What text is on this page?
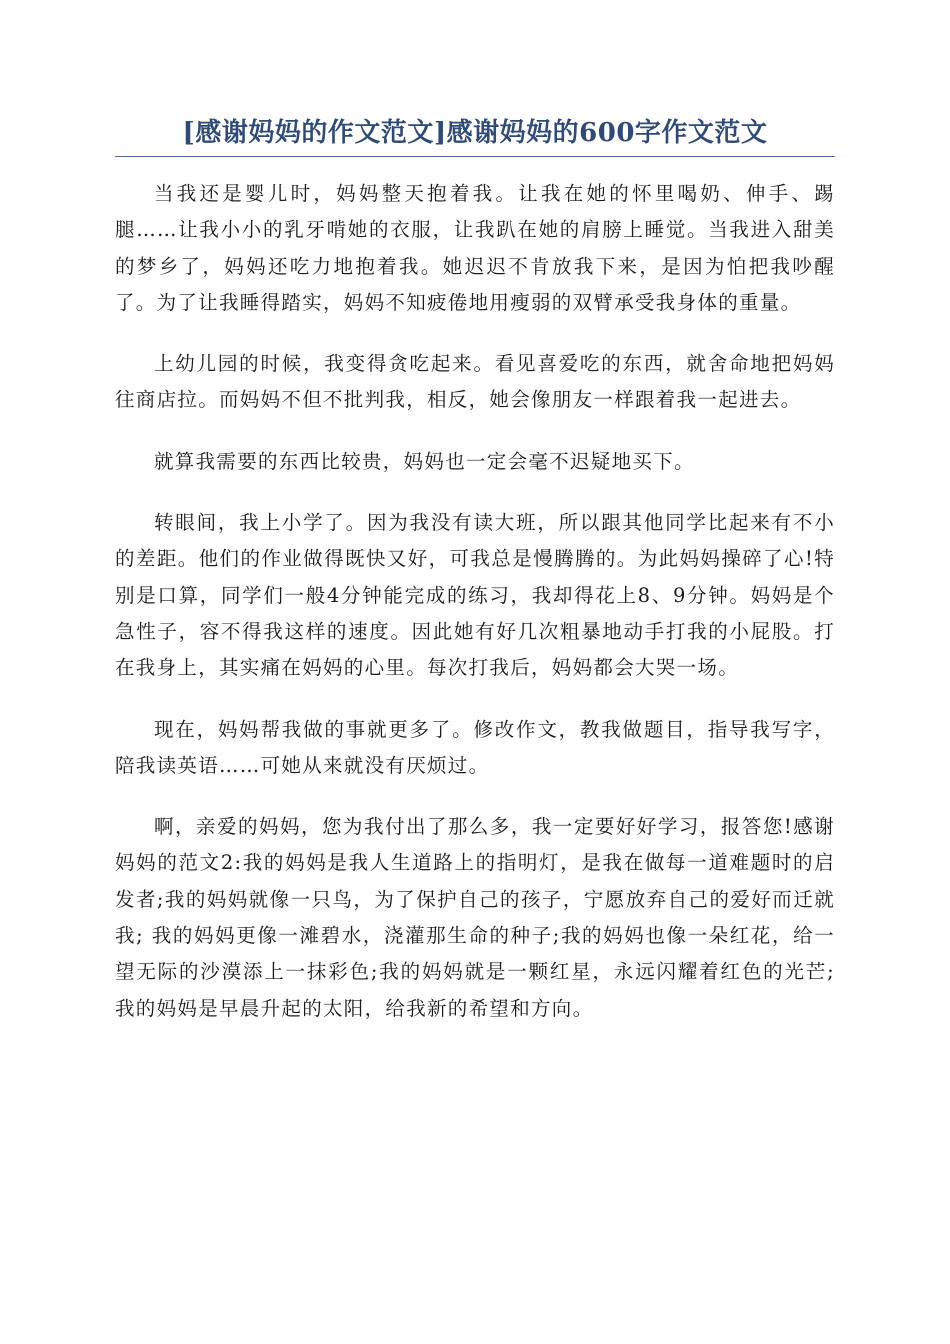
[感谢妈妈的作文范文]感谢妈妈的600字作文范文

当我还是婴儿时，妈妈整天抱着我。让我在她的怀里喝奶、伸手、踢腿……让我小小的乳牙啃她的衣服，让我趴在她的肩膀上睡觉。当我进入甜美的梦乡了，妈妈还吃力地抱着我。她迟迟不肯放我下来，是因为怕把我吵醒了。为了让我睡得踏实，妈妈不知疲倦地用瘦弱的双臂承受我身体的重量。

上幼儿园的时候，我变得贪吃起来。看见喜爱吃的东西，就舍命地把妈妈往商店拉。而妈妈不但不批判我，相反，她会像朋友一样跟着我一起进去。

就算我需要的东西比较贵，妈妈也一定会毫不迟疑地买下。

转眼间，我上小学了。因为我没有读大班，所以跟其他同学比起来有不小的差距。他们的作业做得既快又好，可我总是慢腾腾的。为此妈妈操碎了心!特别是口算，同学们一般4分钟能完成的练习，我却得花上8、9分钟。妈妈是个急性子，容不得我这样的速度。因此她有好几次粗暴地动手打我的小屁股。打在我身上，其实痛在妈妈的心里。每次打我后，妈妈都会大哭一场。

现在，妈妈帮我做的事就更多了。修改作文，教我做题目，指导我写字，陪我读英语……可她从来就没有厌烦过。

啊，亲爱的妈妈，您为我付出了那么多，我一定要好好学习，报答您!感谢妈妈的范文2:我的妈妈是我人生道路上的指明灯，是我在做每一道难题时的启发者;我的妈妈就像一只鸟，为了保护自己的孩子，宁愿放弃自己的爱好而迁就我; 我的妈妈更像一滩碧水，浇灌那生命的种子;我的妈妈也像一朵红花，给一望无际的沙漠添上一抹彩色;我的妈妈就是一颗红星，永远闪耀着红色的光芒;我的妈妈是早晨升起的太阳，给我新的希望和方向。
